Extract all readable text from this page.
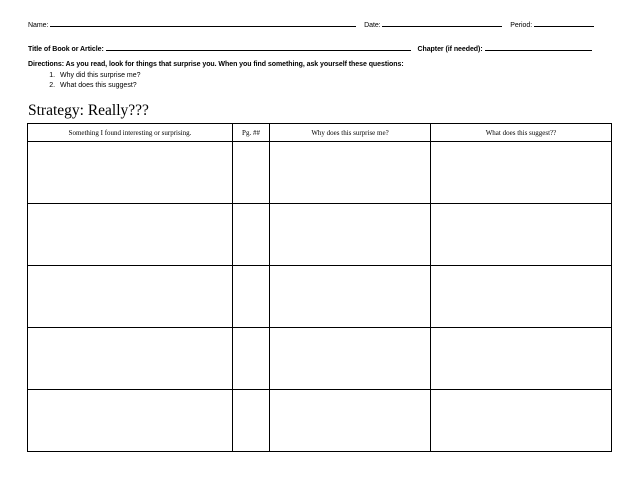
Name:	Date:	Period:
Title of Book or Article:	Chapter (if needed):
Directions: As you read, look for things that surprise you. When you find something, ask yourself these questions:
1. Why did this surprise me?
2. What does this suggest?
Strategy: Really???
Something I found interesting or surprising.	Pg. ##	Why does this surprise me?	What does this suggest??
